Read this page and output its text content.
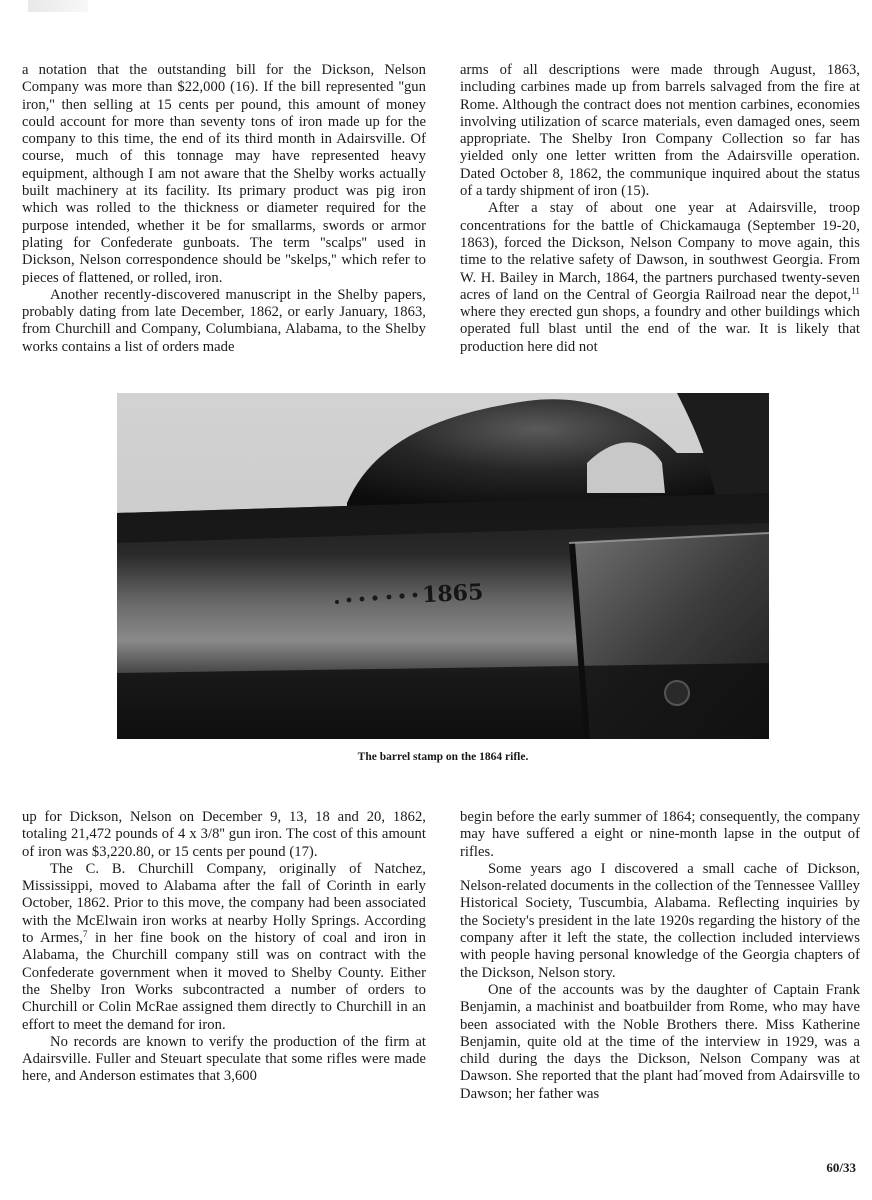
a notation that the outstanding bill for the Dickson, Nelson Company was more than $22,000 (16). If the bill represented ''gun iron,'' then selling at 15 cents per pound, this amount of money could account for more than seventy tons of iron made up for the company to this time, the end of its third month in Adairsville. Of course, much of this tonnage may have represented heavy equipment, although I am not aware that the Shelby works actually built machinery at its facility. Its primary product was pig iron which was rolled to the thickness or diameter required for the purpose intended, whether it be for smallarms, swords or armor plating for Confederate gunboats. The term ''scalps'' used in Dickson, Nelson correspondence should be ''skelps,'' which refer to pieces of flattened, or rolled, iron.

Another recently-discovered manuscript in the Shelby papers, probably dating from late December, 1862, or early January, 1863, from Churchill and Company, Columbiana, Alabama, to the Shelby works contains a list of orders made

arms of all descriptions were made through August, 1863, including carbines made up from barrels salvaged from the fire at Rome. Although the contract does not mention carbines, economies involving utilization of scarce materials, even damaged ones, seem appropriate. The Shelby Iron Company Collection so far has yielded only one letter written from the Adairsville operation. Dated October 8, 1862, the communique inquired about the status of a tardy shipment of iron (15).

After a stay of about one year at Adairsville, troop concentrations for the battle of Chickamauga (September 19-20, 1863), forced the Dickson, Nelson Company to move again, this time to the relative safety of Dawson, in southwest Georgia. From W. H. Bailey in March, 1864, the partners purchased twenty-seven acres of land on the Central of Georgia Railroad near the depot,$^{11}$ where they erected gun shops, a foundry and other buildings which operated full blast until the end of the war. It is likely that production here did not

1865
The barrel stamp on the 1864 rifle.

up for Dickson, Nelson on December 9, 13, 18 and 20, 1862, totaling 21,472 pounds of 4 x 3/8'' gun iron. The cost of this amount of iron was $3,220.80, or 15 cents per pound (17).

The C. B. Churchill Company, originally of Natchez, Mississippi, moved to Alabama after the fall of Corinth in early October, 1862. Prior to this move, the company had been associated with the McElwain iron works at nearby Holly Springs. According to Armes,$^7$ in her fine book on the history of coal and iron in Alabama, the Churchill company still was on contract with the Confederate government when it moved to Shelby County. Either the Shelby Iron Works subcontracted a number of orders to Churchill or Colin McRae assigned them directly to Churchill in an effort to meet the demand for iron.

No records are known to verify the production of the firm at Adairsville. Fuller and Steuart speculate that some rifles were made here, and Anderson estimates that 3,600

begin before the early summer of 1864; consequently, the company may have suffered a eight or nine-month lapse in the output of rifles.

Some years ago I discovered a small cache of Dickson, Nelson-related documents in the collection of the Tennessee Vallley Historical Society, Tuscumbia, Alabama. Reflecting inquiries by the Society's president in the late 1920s regarding the history of the company after it left the state, the collection included interviews with people having personal knowledge of the Georgia chapters of the Dickson, Nelson story.

One of the accounts was by the daughter of Captain Frank Benjamin, a machinist and boatbuilder from Rome, who may have been associated with the Noble Brothers there. Miss Katherine Benjamin, quite old at the time of the interview in 1929, was a child during the days the Dickson, Nelson Company was at Dawson. She reported that the plant had´moved from Adairsville to Dawson; her father was

60/33
